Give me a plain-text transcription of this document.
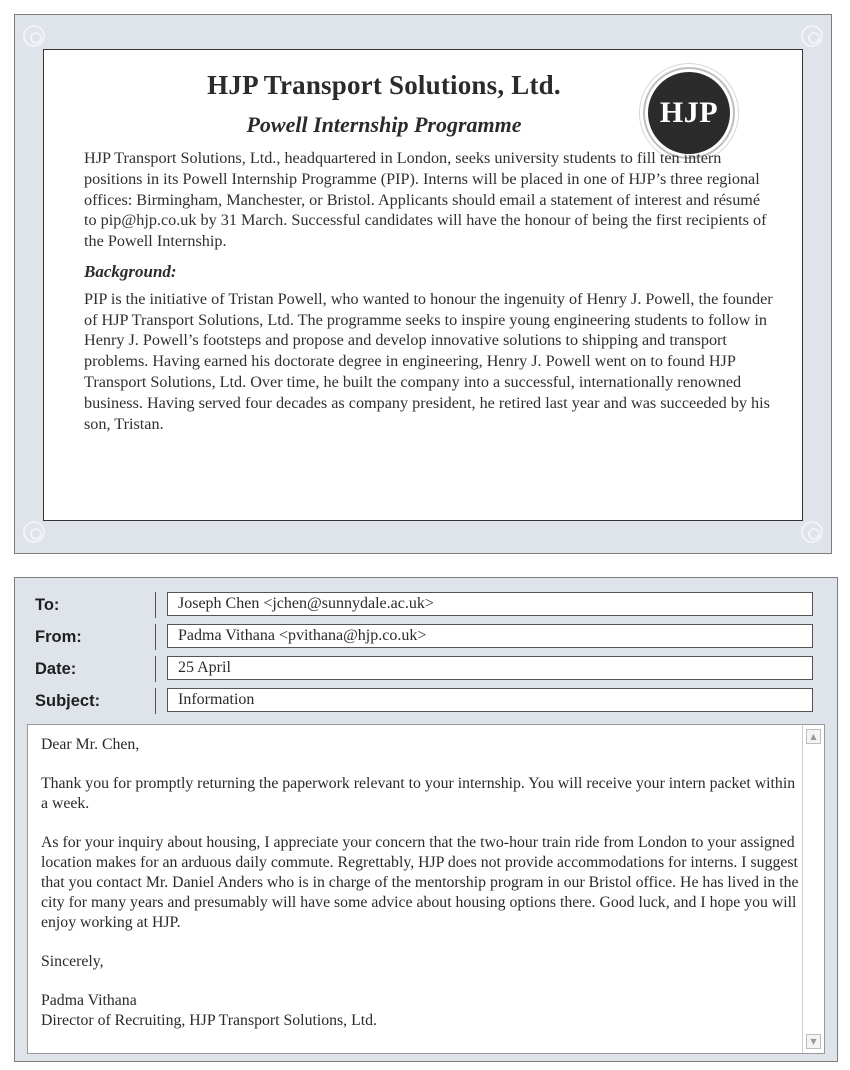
HJP Transport Solutions, Ltd.
Powell Internship Programme	HJP

HJP Transport Solutions, Ltd., headquartered in London, seeks university students to fill ten intern positions in its Powell Internship Programme (PIP). Interns will be placed in one of HJP’s three regional offices: Birmingham, Manchester, or Bristol. Applicants should email a statement of interest and résumé to pip@hjp.co.uk by 31 March. Successful candidates will have the honour of being the first recipients of the Powell Internship.

Background:

PIP is the initiative of Tristan Powell, who wanted to honour the ingenuity of Henry J. Powell, the founder of HJP Transport Solutions, Ltd. The programme seeks to inspire young engineering students to follow in Henry J. Powell’s footsteps and propose and develop innovative solutions to shipping and transport problems. Having earned his doctorate degree in engineering, Henry J. Powell went on to found HJP Transport Solutions, Ltd. Over time, he built the company into a successful, internationally renowned business. Having served four decades as company president, he retired last year and was succeeded by his son, Tristan.

To:	Joseph Chen <jchen@sunnydale.ac.uk>
From:	Padma Vithana <pvithana@hjp.co.uk>
Date:	25 April
Subject:	Information

Dear Mr. Chen,

Thank you for promptly returning the paperwork relevant to your internship. You will receive your intern packet within a week.

As for your inquiry about housing, I appreciate your concern that the two-hour train ride from London to your assigned location makes for an arduous daily commute. Regrettably, HJP does not provide accommodations for interns. I suggest that you contact Mr. Daniel Anders who is in charge of the mentorship program in our Bristol office. He has lived in the city for many years and presumably will have some advice about housing options there. Good luck, and I hope you will enjoy working at HJP.

Sincerely,

Padma Vithana

Director of Recruiting, HJP Transport Solutions, Ltd.

▲
▼
